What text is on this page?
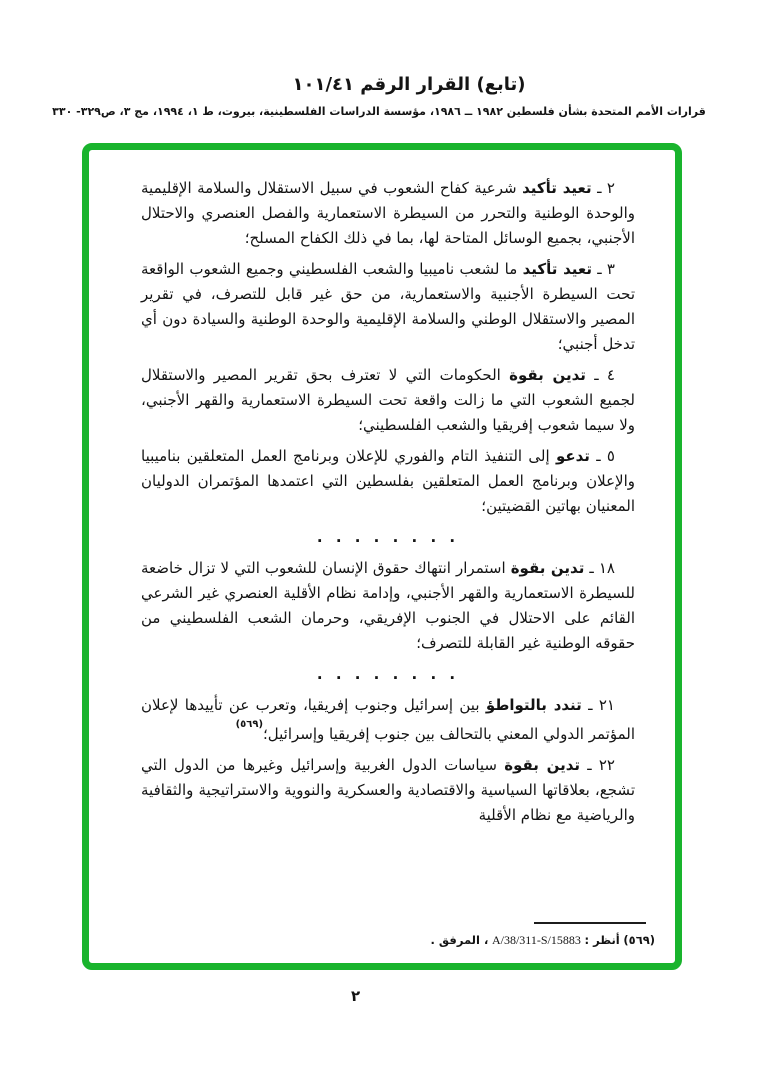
(تابع) القرار الرقم ١٠١/٤١
قرارات الأمم المتحدة بشأن فلسطين ١٩٨٢ ــ ١٩٨٦، مؤسسة الدراسات الفلسطينية، بيروت، ط ١، ١٩٩٤، مج ٣، ص٣٢٩- ٣٣٠

٢ ـ تعيد تأكيد شرعية كفاح الشعوب في سبيل الاستقلال والسلامة الإقليمية والوحدة الوطنية والتحرر من السيطرة الاستعمارية والفصل العنصري والاحتلال الأجنبي، بجميع الوسائل المتاحة لها، بما في ذلك الكفاح المسلح؛

٣ ـ تعيد تأكيد ما لشعب ناميبيا والشعب الفلسطيني وجميع الشعوب الواقعة تحت السيطرة الأجنبية والاستعمارية، من حق غير قابل للتصرف، في تقرير المصير والاستقلال الوطني والسلامة الإقليمية والوحدة الوطنية والسيادة دون أي تدخل أجنبي؛

٤ ـ تدين بقوة الحكومات التي لا تعترف بحق تقرير المصير والاستقلال لجميع الشعوب التي ما زالت واقعة تحت السيطرة الاستعمارية والقهر الأجنبي، ولا سيما شعوب إفريقيا والشعب الفلسطيني؛

٥ ـ تدعو إلى التنفيذ التام والفوري للإعلان وبرنامج العمل المتعلقين بناميبيا والإعلان وبرنامج العمل المتعلقين بفلسطين التي اعتمدها المؤتمران الدوليان المعنيان بهاتين القضيتين؛

. . . . . . . .

١٨ ـ تدين بقوة استمرار انتهاك حقوق الإنسان للشعوب التي لا تزال خاضعة للسيطرة الاستعمارية والقهر الأجنبي، وإدامة نظام الأقلية العنصري غير الشرعي القائم على الاحتلال في الجنوب الإفريقي، وحرمان الشعب الفلسطيني من حقوقه الوطنية غير القابلة للتصرف؛

. . . . . . . .

٢١ ـ تندد بالتواطؤ بين إسرائيل وجنوب إفريقيا، وتعرب عن تأييدها لإعلان المؤتمر الدولي المعني بالتحالف بين جنوب إفريقيا وإسرائيل؛$^{(٥٦٩)}$

٢٢ ـ تدين بقوة سياسات الدول الغربية وإسرائيل وغيرها من الدول التي تشجع، بعلاقاتها السياسية والاقتصادية والعسكرية والنووية والاستراتيجية والثقافية والرياضية مع نظام الأقلية

(٥٦٩) أنظر : A/38/311-S/15883 ، المرفق .
٢
